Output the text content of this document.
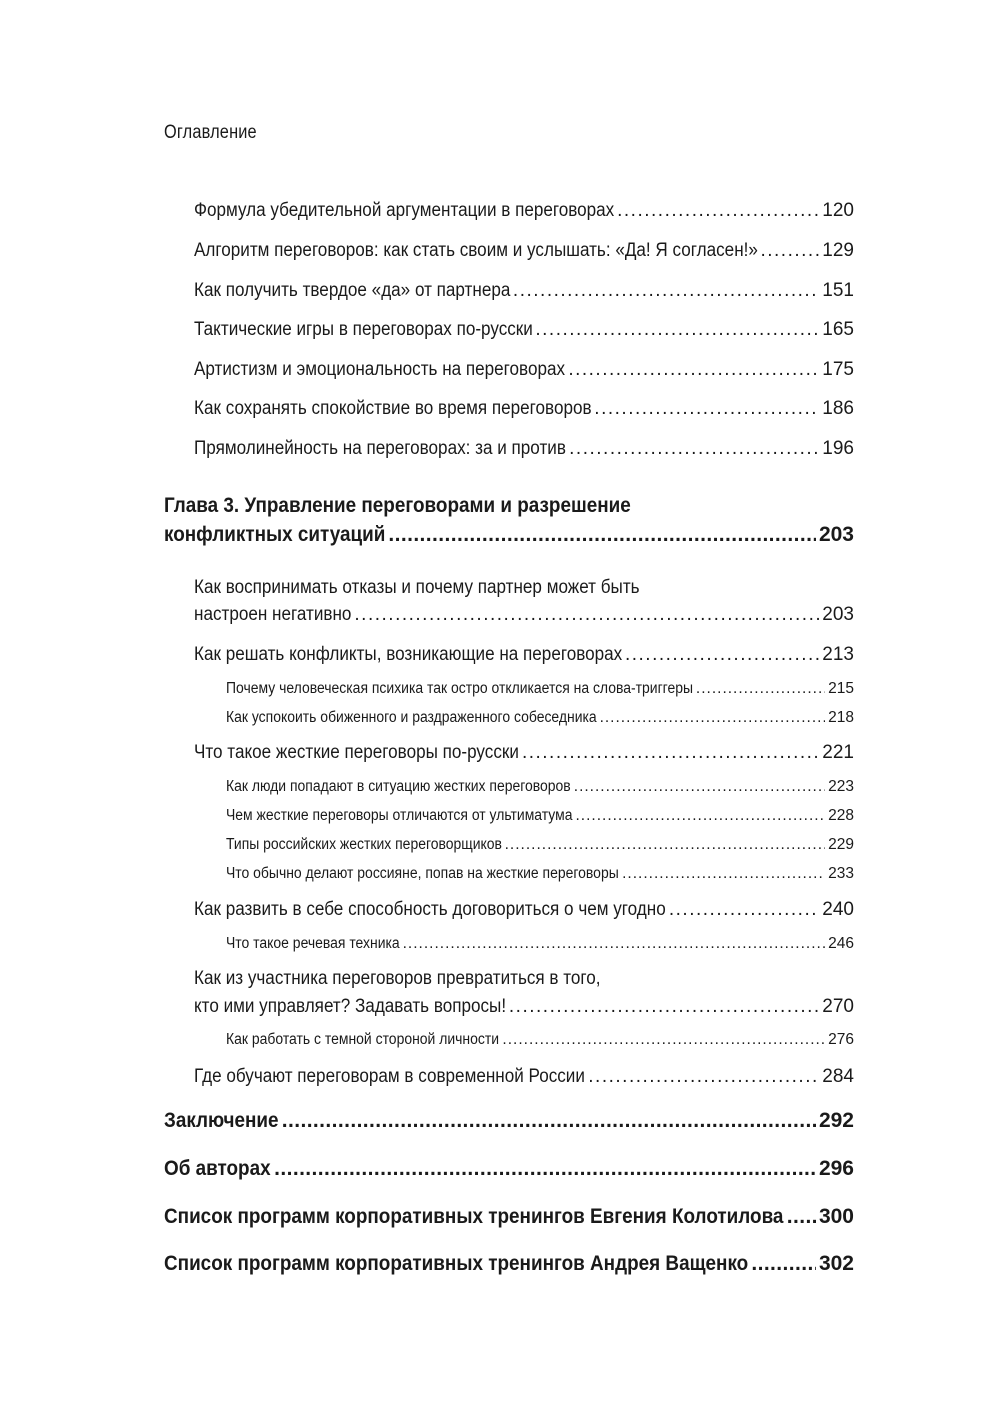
Оглавление
Формула убедительной аргументации в переговорах .....	120
Алгоритм переговоров: как стать своим и услышать: «Да! Я согласен!» .....	129
Как получить твердое «да» от партнера .....	151
Тактические игры в переговорах по-русски .....	165
Артистизм и эмоциональность на переговорах .....	175
Как сохранять спокойствие во время переговоров .....	186
Прямолинейность на переговорах: за и против .....	196
Глава 3. Управление переговорами и разрешение
конфликтных ситуаций .....	203
Как воспринимать отказы и почему партнер может быть
настроен негативно .....	203
Как решать конфликты, возникающие на переговорах .....	213
Почему человеческая психика так остро откликается на слова-триггеры .....	215
Как успокоить обиженного и раздраженного собеседника .....	218
Что такое жесткие переговоры по-русски .....	221
Как люди попадают в ситуацию жестких переговоров .....	223
Чем жесткие переговоры отличаются от ультиматума .....	228
Типы российских жестких переговорщиков .....	229
Что обычно делают россияне, попав на жесткие переговоры .....	233
Как развить в себе способность договориться о чем угодно .....	240
Что такое речевая техника .....	246
Как из участника переговоров превратиться в того,
кто ими управляет? Задавать вопросы! .....	270
Как работать с темной стороной личности .....	276
Где обучают переговорам в современной России .....	284
Заключение .....	292
Об авторах .....	296
Список программ корпоративных тренингов Евгения Колотилова ..... 300
Список программ корпоративных тренингов Андрея Ващенко .....	302
